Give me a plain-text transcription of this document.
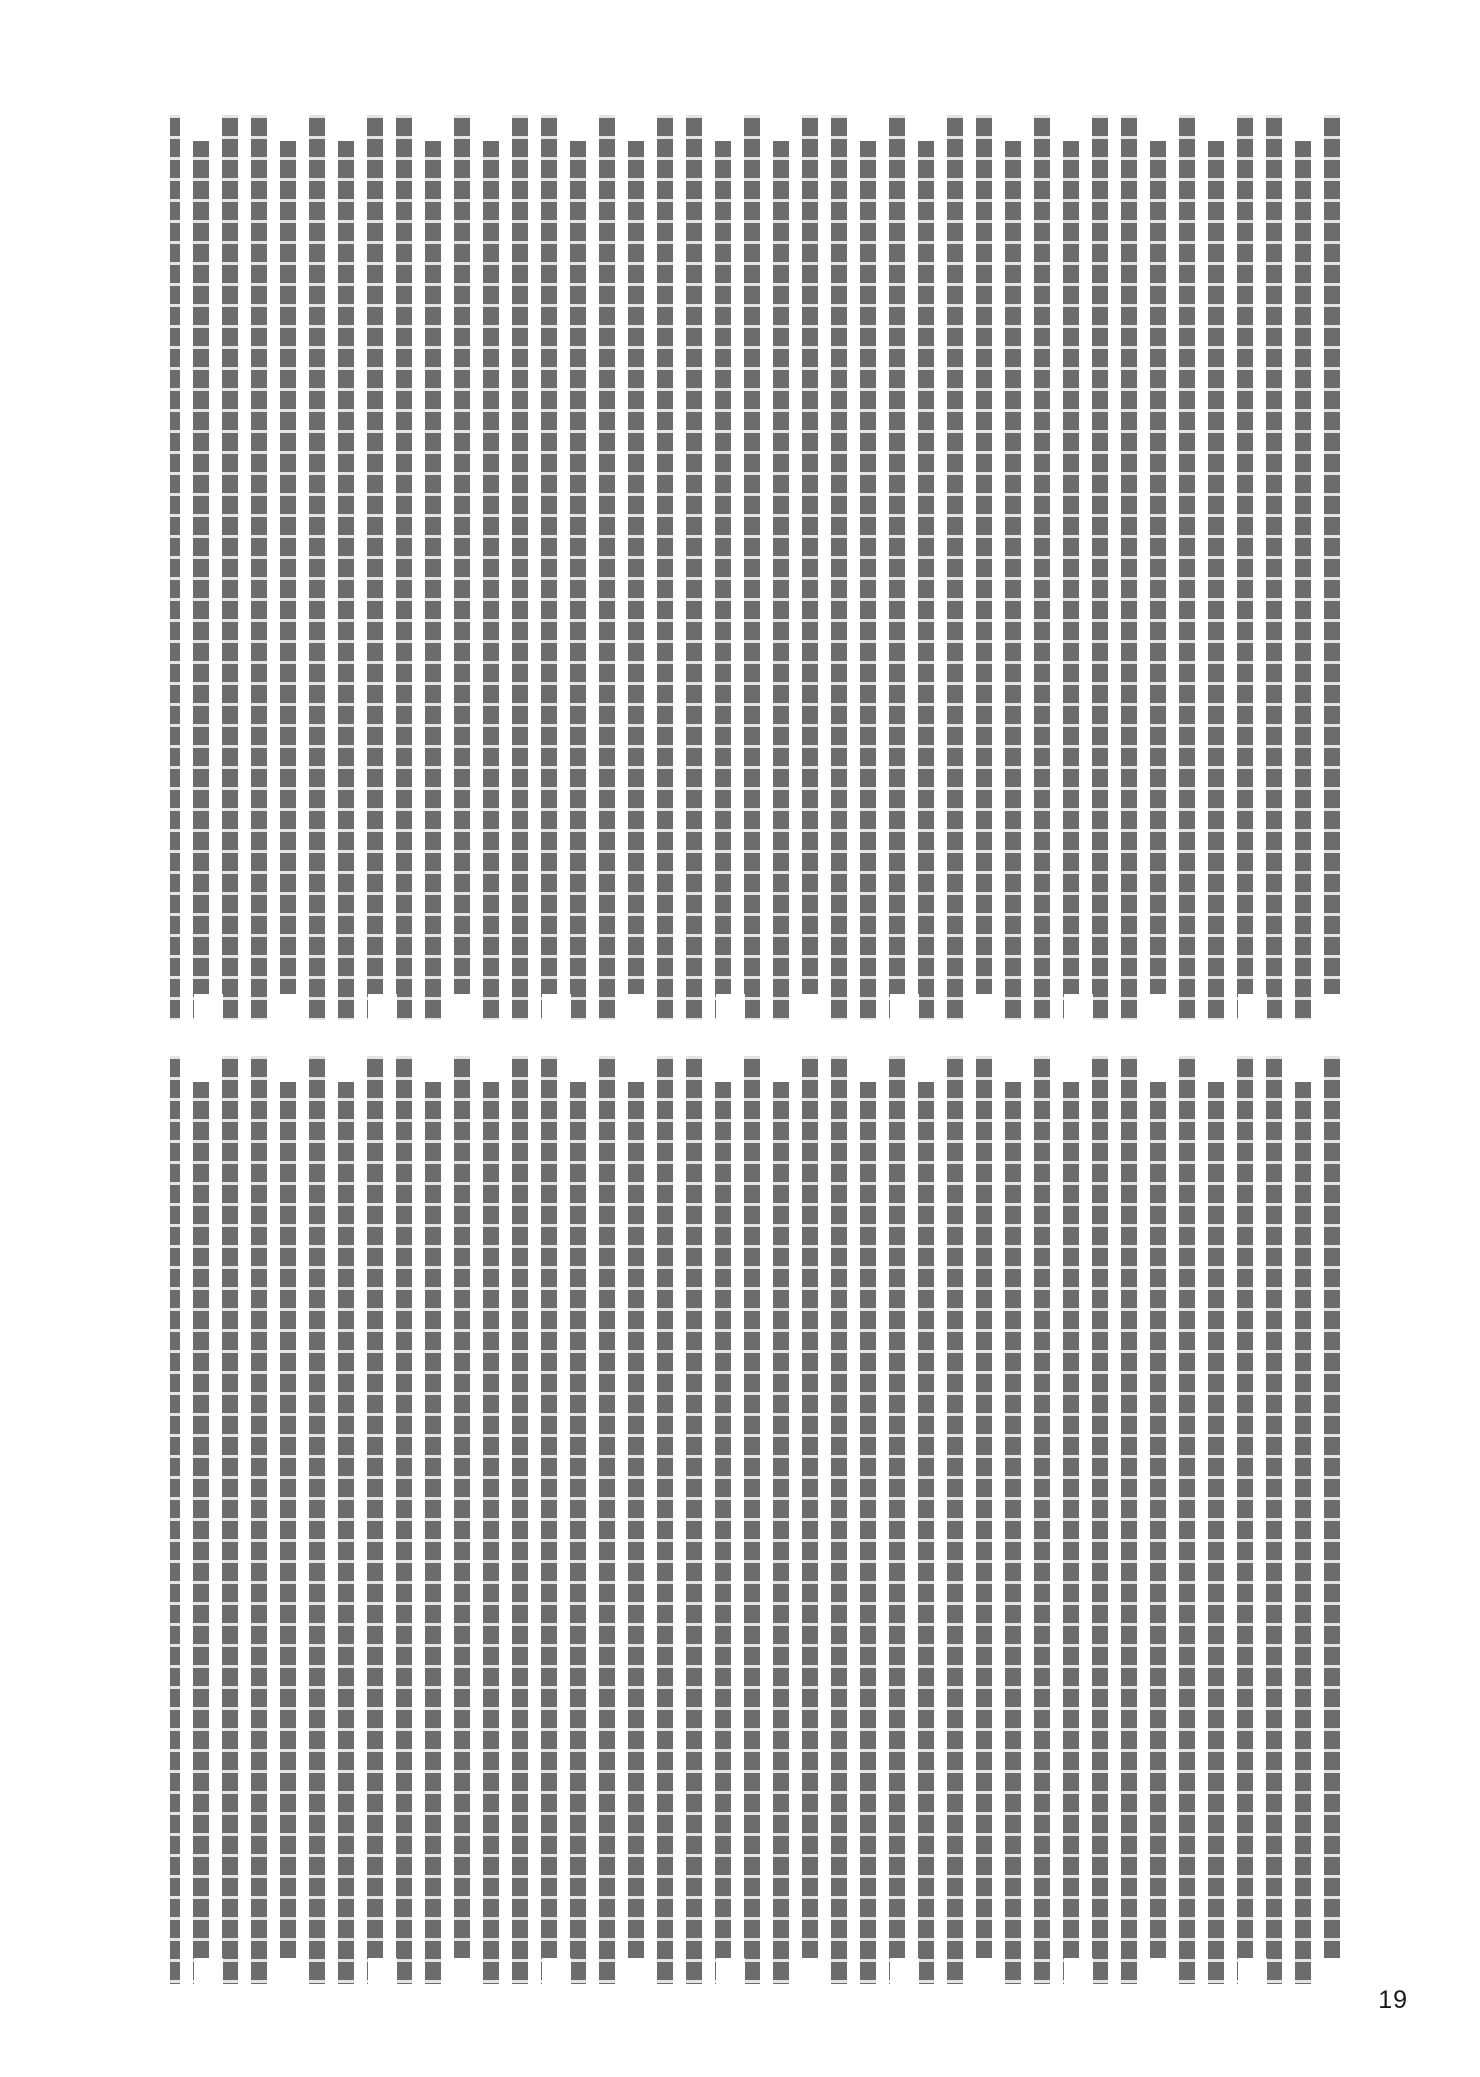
19
